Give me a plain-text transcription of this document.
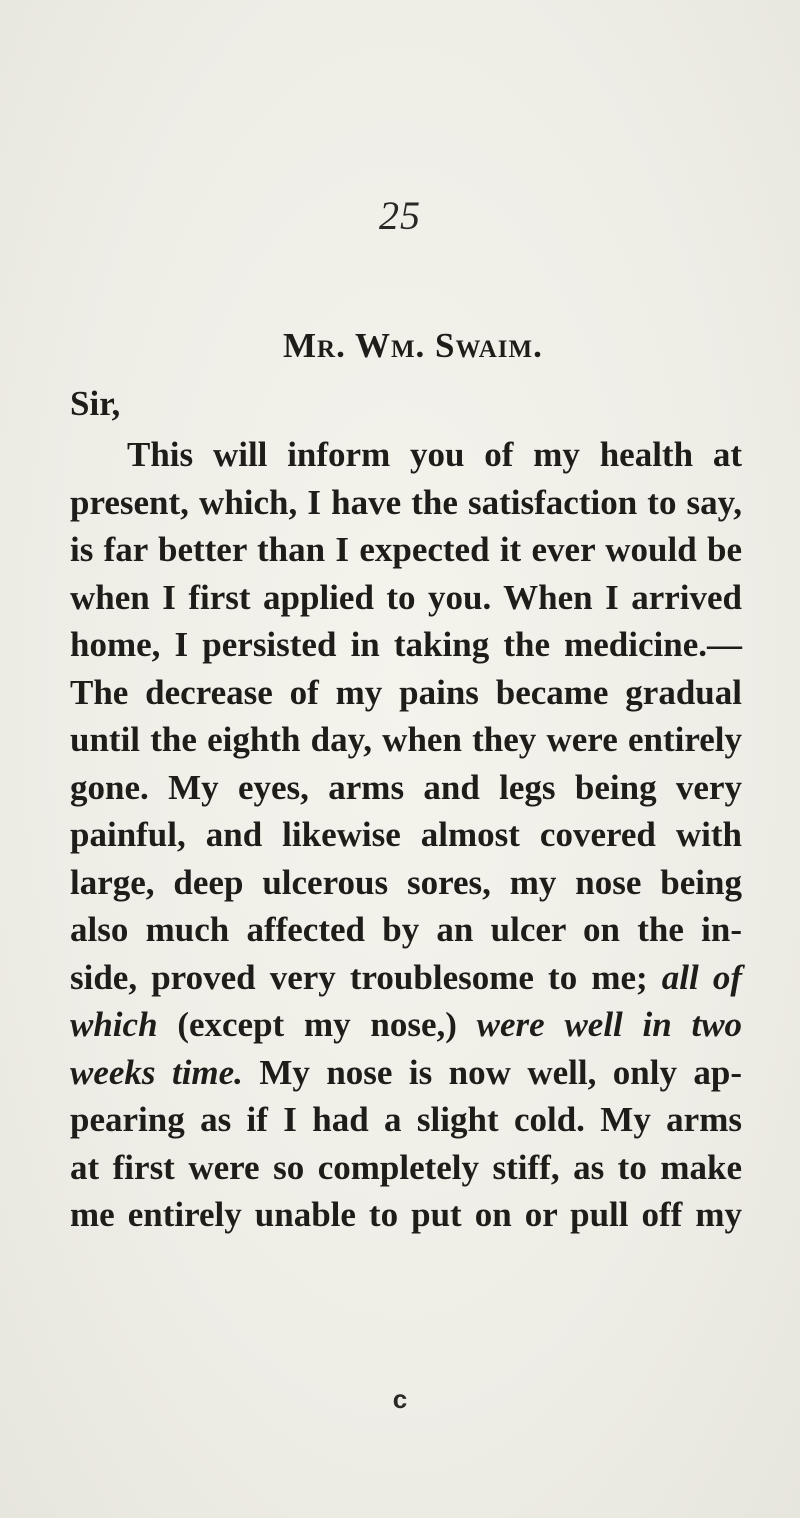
25
Mr. Wm. Swaim.
Sir,
This will inform you of my health at
present, which, I have the satisfaction to say,
is far better than I expected it ever would be
when I first applied to you. When I arrived
home, I persisted in taking the medicine.—
The decrease of my pains became gradual
until the eighth day, when they were entirely
gone. My eyes, arms and legs being very
painful, and likewise almost covered with
large, deep ulcerous sores, my nose being
also much affected by an ulcer on the in-
side, proved very troublesome to me; all of
which (except my nose,) were well in two
weeks time. My nose is now well, only ap-
pearing as if I had a slight cold. My arms
at first were so completely stiff, as to make
me entirely unable to put on or pull off my
c
